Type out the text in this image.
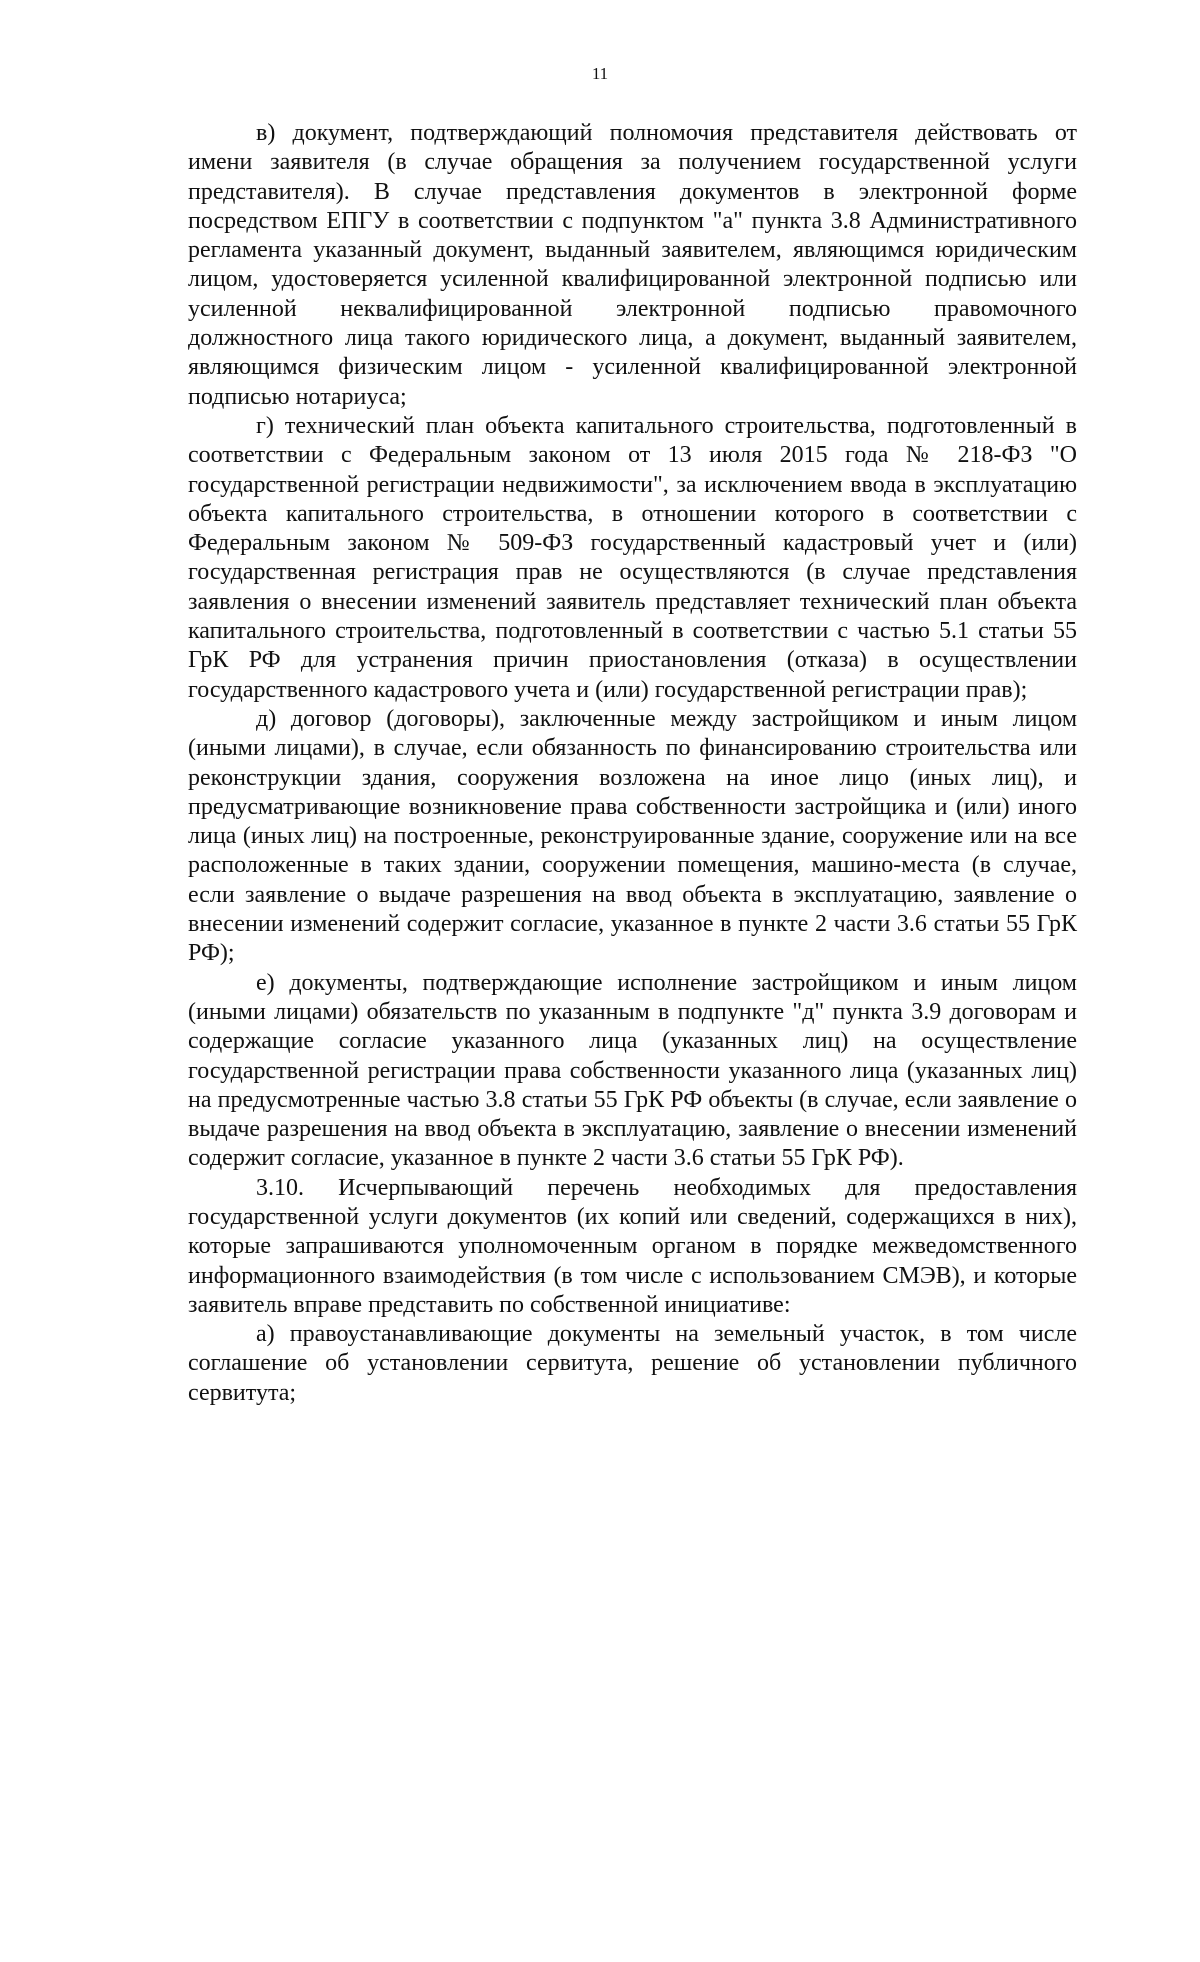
11

в) документ, подтверждающий полномочия представителя действовать от имени заявителя (в случае обращения за получением государственной услуги представителя). В случае представления документов в электронной форме посредством ЕПГУ в соответствии с подпунктом "а" пункта 3.8 Административного регламента указанный документ, выданный заявителем, являющимся юридическим лицом, удостоверяется усиленной квалифицированной электронной подписью или усиленной неквалифицированной электронной подписью правомочного должностного лица такого юридического лица, а документ, выданный заявителем, являющимся физическим лицом - усиленной квалифицированной электронной подписью нотариуса;

г) технический план объекта капитального строительства, подготовленный в соответствии с Федеральным законом от 13 июля 2015 года № 218-ФЗ "О государственной регистрации недвижимости", за исключением ввода в эксплуатацию объекта капитального строительства, в отношении которого в соответствии с Федеральным законом № 509-ФЗ государственный кадастровый учет и (или) государственная регистрация прав не осуществляются (в случае представления заявления о внесении изменений заявитель представляет технический план объекта капитального строительства, подготовленный в соответствии с частью 5.1 статьи 55 ГрК РФ для устранения причин приостановления (отказа) в осуществлении государственного кадастрового учета и (или) государственной регистрации прав);

д) договор (договоры), заключенные между застройщиком и иным лицом (иными лицами), в случае, если обязанность по финансированию строительства или реконструкции здания, сооружения возложена на иное лицо (иных лиц), и предусматривающие возникновение права собственности застройщика и (или) иного лица (иных лиц) на построенные, реконструированные здание, сооружение или на все расположенные в таких здании, сооружении помещения, машино-места (в случае, если заявление о выдаче разрешения на ввод объекта в эксплуатацию, заявление о внесении изменений содержит согласие, указанное в пункте 2 части 3.6 статьи 55 ГрК РФ);

е) документы, подтверждающие исполнение застройщиком и иным лицом (иными лицами) обязательств по указанным в подпункте "д" пункта 3.9 договорам и содержащие согласие указанного лица (указанных лиц) на осуществление государственной регистрации права собственности указанного лица (указанных лиц) на предусмотренные частью 3.8 статьи 55 ГрК РФ объекты (в случае, если заявление о выдаче разрешения на ввод объекта в эксплуатацию, заявление о внесении изменений содержит согласие, указанное в пункте 2 части 3.6 статьи 55 ГрК РФ).

3.10. Исчерпывающий перечень необходимых для предоставления государственной услуги документов (их копий или сведений, содержащихся в них), которые запрашиваются уполномоченным органом в порядке межведомственного информационного взаимодействия (в том числе с использованием СМЭВ), и которые заявитель вправе представить по собственной инициативе:

а) правоустанавливающие документы на земельный участок, в том числе соглашение об установлении сервитута, решение об установлении публичного сервитута;
